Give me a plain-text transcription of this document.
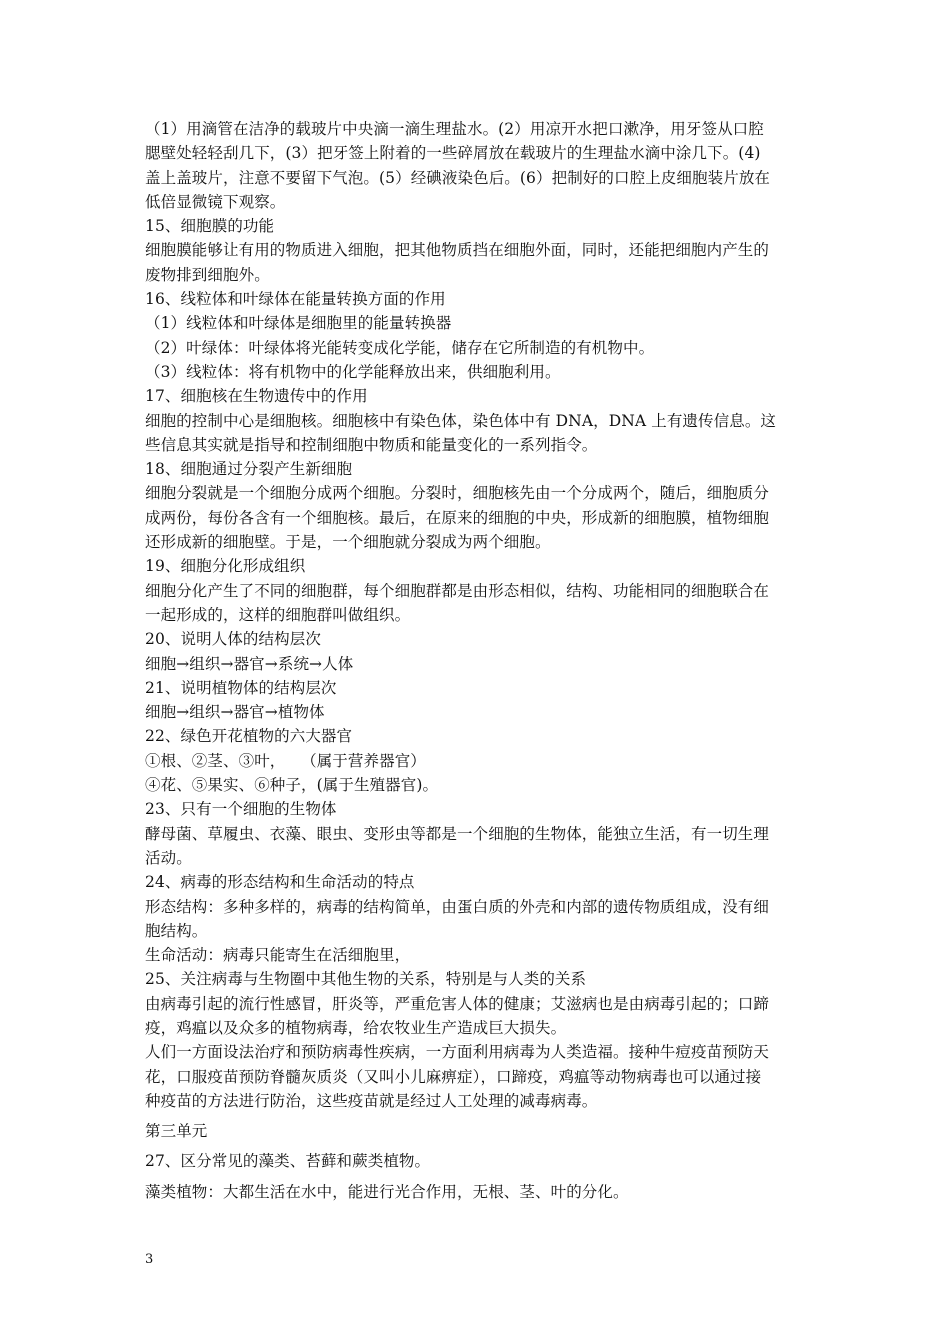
（1）用滴管在洁净的载玻片中央滴一滴生理盐水。(2）用凉开水把口漱净，用牙签从口腔
腮壁处轻轻刮几下，(3）把牙签上附着的一些碎屑放在载玻片的生理盐水滴中涂几下。(4)
盖上盖玻片，注意不要留下气泡。(5）经碘液染色后。(6）把制好的口腔上皮细胞装片放在
低倍显微镜下观察。
15、细胞膜的功能
细胞膜能够让有用的物质进入细胞，把其他物质挡在细胞外面，同时，还能把细胞内产生的
废物排到细胞外。
16、线粒体和叶绿体在能量转换方面的作用
（1）线粒体和叶绿体是细胞里的能量转换器
（2）叶绿体：叶绿体将光能转变成化学能，储存在它所制造的有机物中。
（3）线粒体：将有机物中的化学能释放出来，供细胞利用。
17、细胞核在生物遗传中的作用
细胞的控制中心是细胞核。细胞核中有染色体，染色体中有 DNA，DNA 上有遗传信息。这
些信息其实就是指导和控制细胞中物质和能量变化的一系列指令。
18、细胞通过分裂产生新细胞
细胞分裂就是一个细胞分成两个细胞。分裂时，细胞核先由一个分成两个，随后，细胞质分
成两份，每份各含有一个细胞核。最后，在原来的细胞的中央，形成新的细胞膜，植物细胞
还形成新的细胞壁。于是，一个细胞就分裂成为两个细胞。
19、细胞分化形成组织
细胞分化产生了不同的细胞群，每个细胞群都是由形态相似，结构、功能相同的细胞联合在
一起形成的，这样的细胞群叫做组织。
20、说明人体的结构层次
细胞→组织→器官→系统→人体
21、说明植物体的结构层次
细胞→组织→器官→植物体
22、绿色开花植物的六大器官
①根、②茎、③叶，　　（属于营养器官）
④花、⑤果实、⑥种子，(属于生殖器官)。
23、只有一个细胞的生物体
酵母菌、草履虫、衣藻、眼虫、变形虫等都是一个细胞的生物体，能独立生活，有一切生理
活动。
24、病毒的形态结构和生命活动的特点
形态结构：多种多样的，病毒的结构简单，由蛋白质的外壳和内部的遗传物质组成，没有细
胞结构。
生命活动：病毒只能寄生在活细胞里，
25、关注病毒与生物圈中其他生物的关系，特别是与人类的关系
由病毒引起的流行性感冒，肝炎等，严重危害人体的健康；艾滋病也是由病毒引起的；口蹄
疫，鸡瘟以及众多的植物病毒，给农牧业生产造成巨大损失。
人们一方面设法治疗和预防病毒性疾病，一方面利用病毒为人类造福。接种牛痘疫苗预防天
花，口服疫苗预防脊髓灰质炎（又叫小儿麻痹症），口蹄疫，鸡瘟等动物病毒也可以通过接
种疫苗的方法进行防治，这些疫苗就是经过人工处理的减毒病毒。
第三单元
27、区分常见的藻类、苔藓和蕨类植物。
藻类植物：大都生活在水中，能进行光合作用，无根、茎、叶的分化。
3
